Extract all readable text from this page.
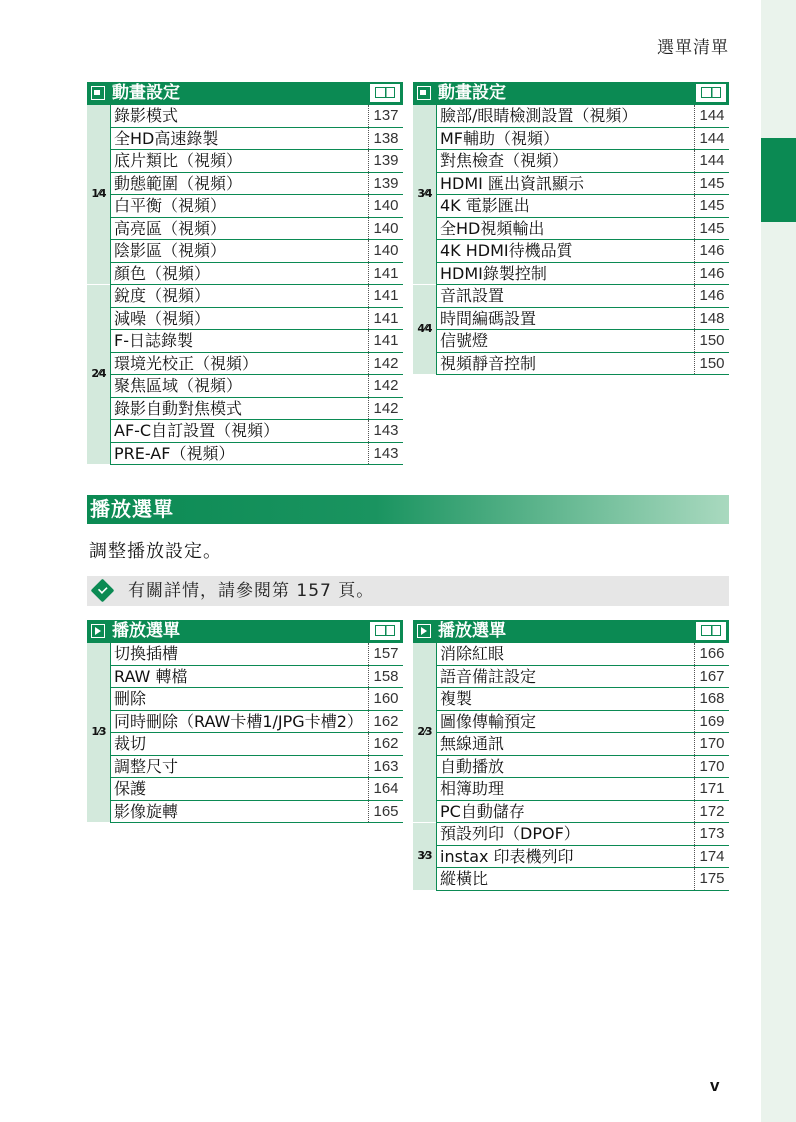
選單清單
動畫設定
1⁄4
錄影模式	137
全HD高速錄製	138
底片類比（視頻）	139
動態範圍（視頻）	139
白平衡（視頻）	140
高亮區（視頻）	140
陰影區（視頻）	140
顏色（視頻）	141
2⁄4
銳度（視頻）	141
減噪（視頻）	141
F-日誌錄製	141
環境光校正（視頻）	142
聚焦區域（視頻）	142
錄影自動對焦模式	142
AF-C自訂設置（視頻）	143
PRE-AF（視頻）	143
動畫設定
3⁄4
臉部/眼睛檢測設置（視頻）	144
MF輔助（視頻）	144
對焦檢查（視頻）	144
HDMI 匯出資訊顯示	145
4K 電影匯出	145
全HD視頻輸出	145
4K HDMI待機品質	146
HDMI錄製控制	146
4⁄4
音訊設置	146
時間編碼設置	148
信號燈	150
視頻靜音控制	150
播放選單
調整播放設定。
有關詳情，請參閱第 157 頁。
播放選單
1⁄3
切換插槽	157
RAW 轉檔	158
刪除	160
同時刪除（RAW卡槽1/JPG卡槽2） 162
裁切	162
調整尺寸	163
保護	164
影像旋轉	165
播放選單
2⁄3
消除紅眼	166
語音備註設定	167
複製	168
圖像傳輸預定	169
無線通訊	170
自動播放	170
相簿助理	171
PC自動儲存	172
3⁄3
預設列印（DPOF）	173
instax 印表機列印	174
縱橫比	175
v
